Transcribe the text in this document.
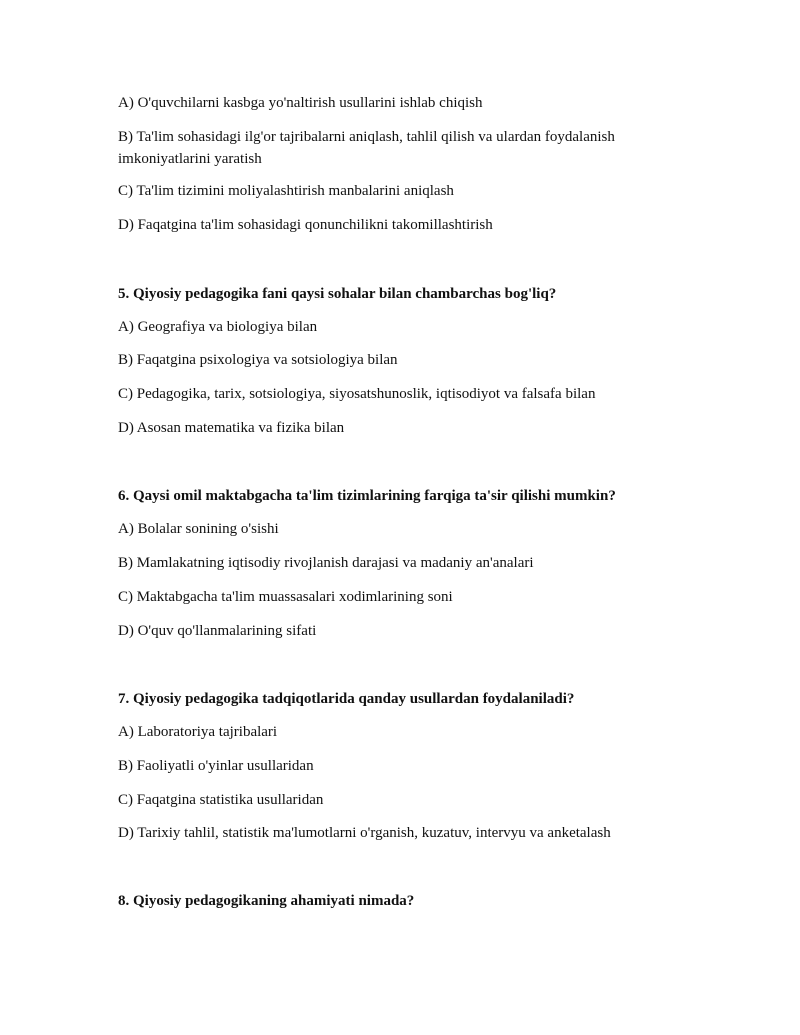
A) O'quvchilarni kasbga yo'naltirish usullarini ishlab chiqish
B) Ta'lim sohasidagi ilg'or tajribalarni aniqlash, tahlil qilish va ulardan foydalanish imkoniyatlarini yaratish
C) Ta'lim tizimini moliyalashtirish manbalarini aniqlash
D) Faqatgina ta'lim sohasidagi qonunchilikni takomillashtirish
5. Qiyosiy pedagogika fani qaysi sohalar bilan chambarchas bog'liq?
A) Geografiya va biologiya bilan
B) Faqatgina psixologiya va sotsiologiya bilan
C) Pedagogika, tarix, sotsiologiya, siyosatshunoslik, iqtisodiyot va falsafa bilan
D) Asosan matematika va fizika bilan
6. Qaysi omil maktabgacha ta'lim tizimlarining farqiga ta'sir qilishi mumkin?
A) Bolalar sonining o'sishi
B) Mamlakatning iqtisodiy rivojlanish darajasi va madaniy an'analari
C) Maktabgacha ta'lim muassasalari xodimlarining soni
D) O'quv qo'llanmalarining sifati
7. Qiyosiy pedagogika tadqiqotlarida qanday usullardan foydalaniladi?
A) Laboratoriya tajribalari
B) Faoliyatli o'yinlar usullaridan
C) Faqatgina statistika usullaridan
D) Tarixiy tahlil, statistik ma'lumotlarni o'rganish, kuzatuv, intervyu va anketalash
8. Qiyosiy pedagogikaning ahamiyati nimada?
